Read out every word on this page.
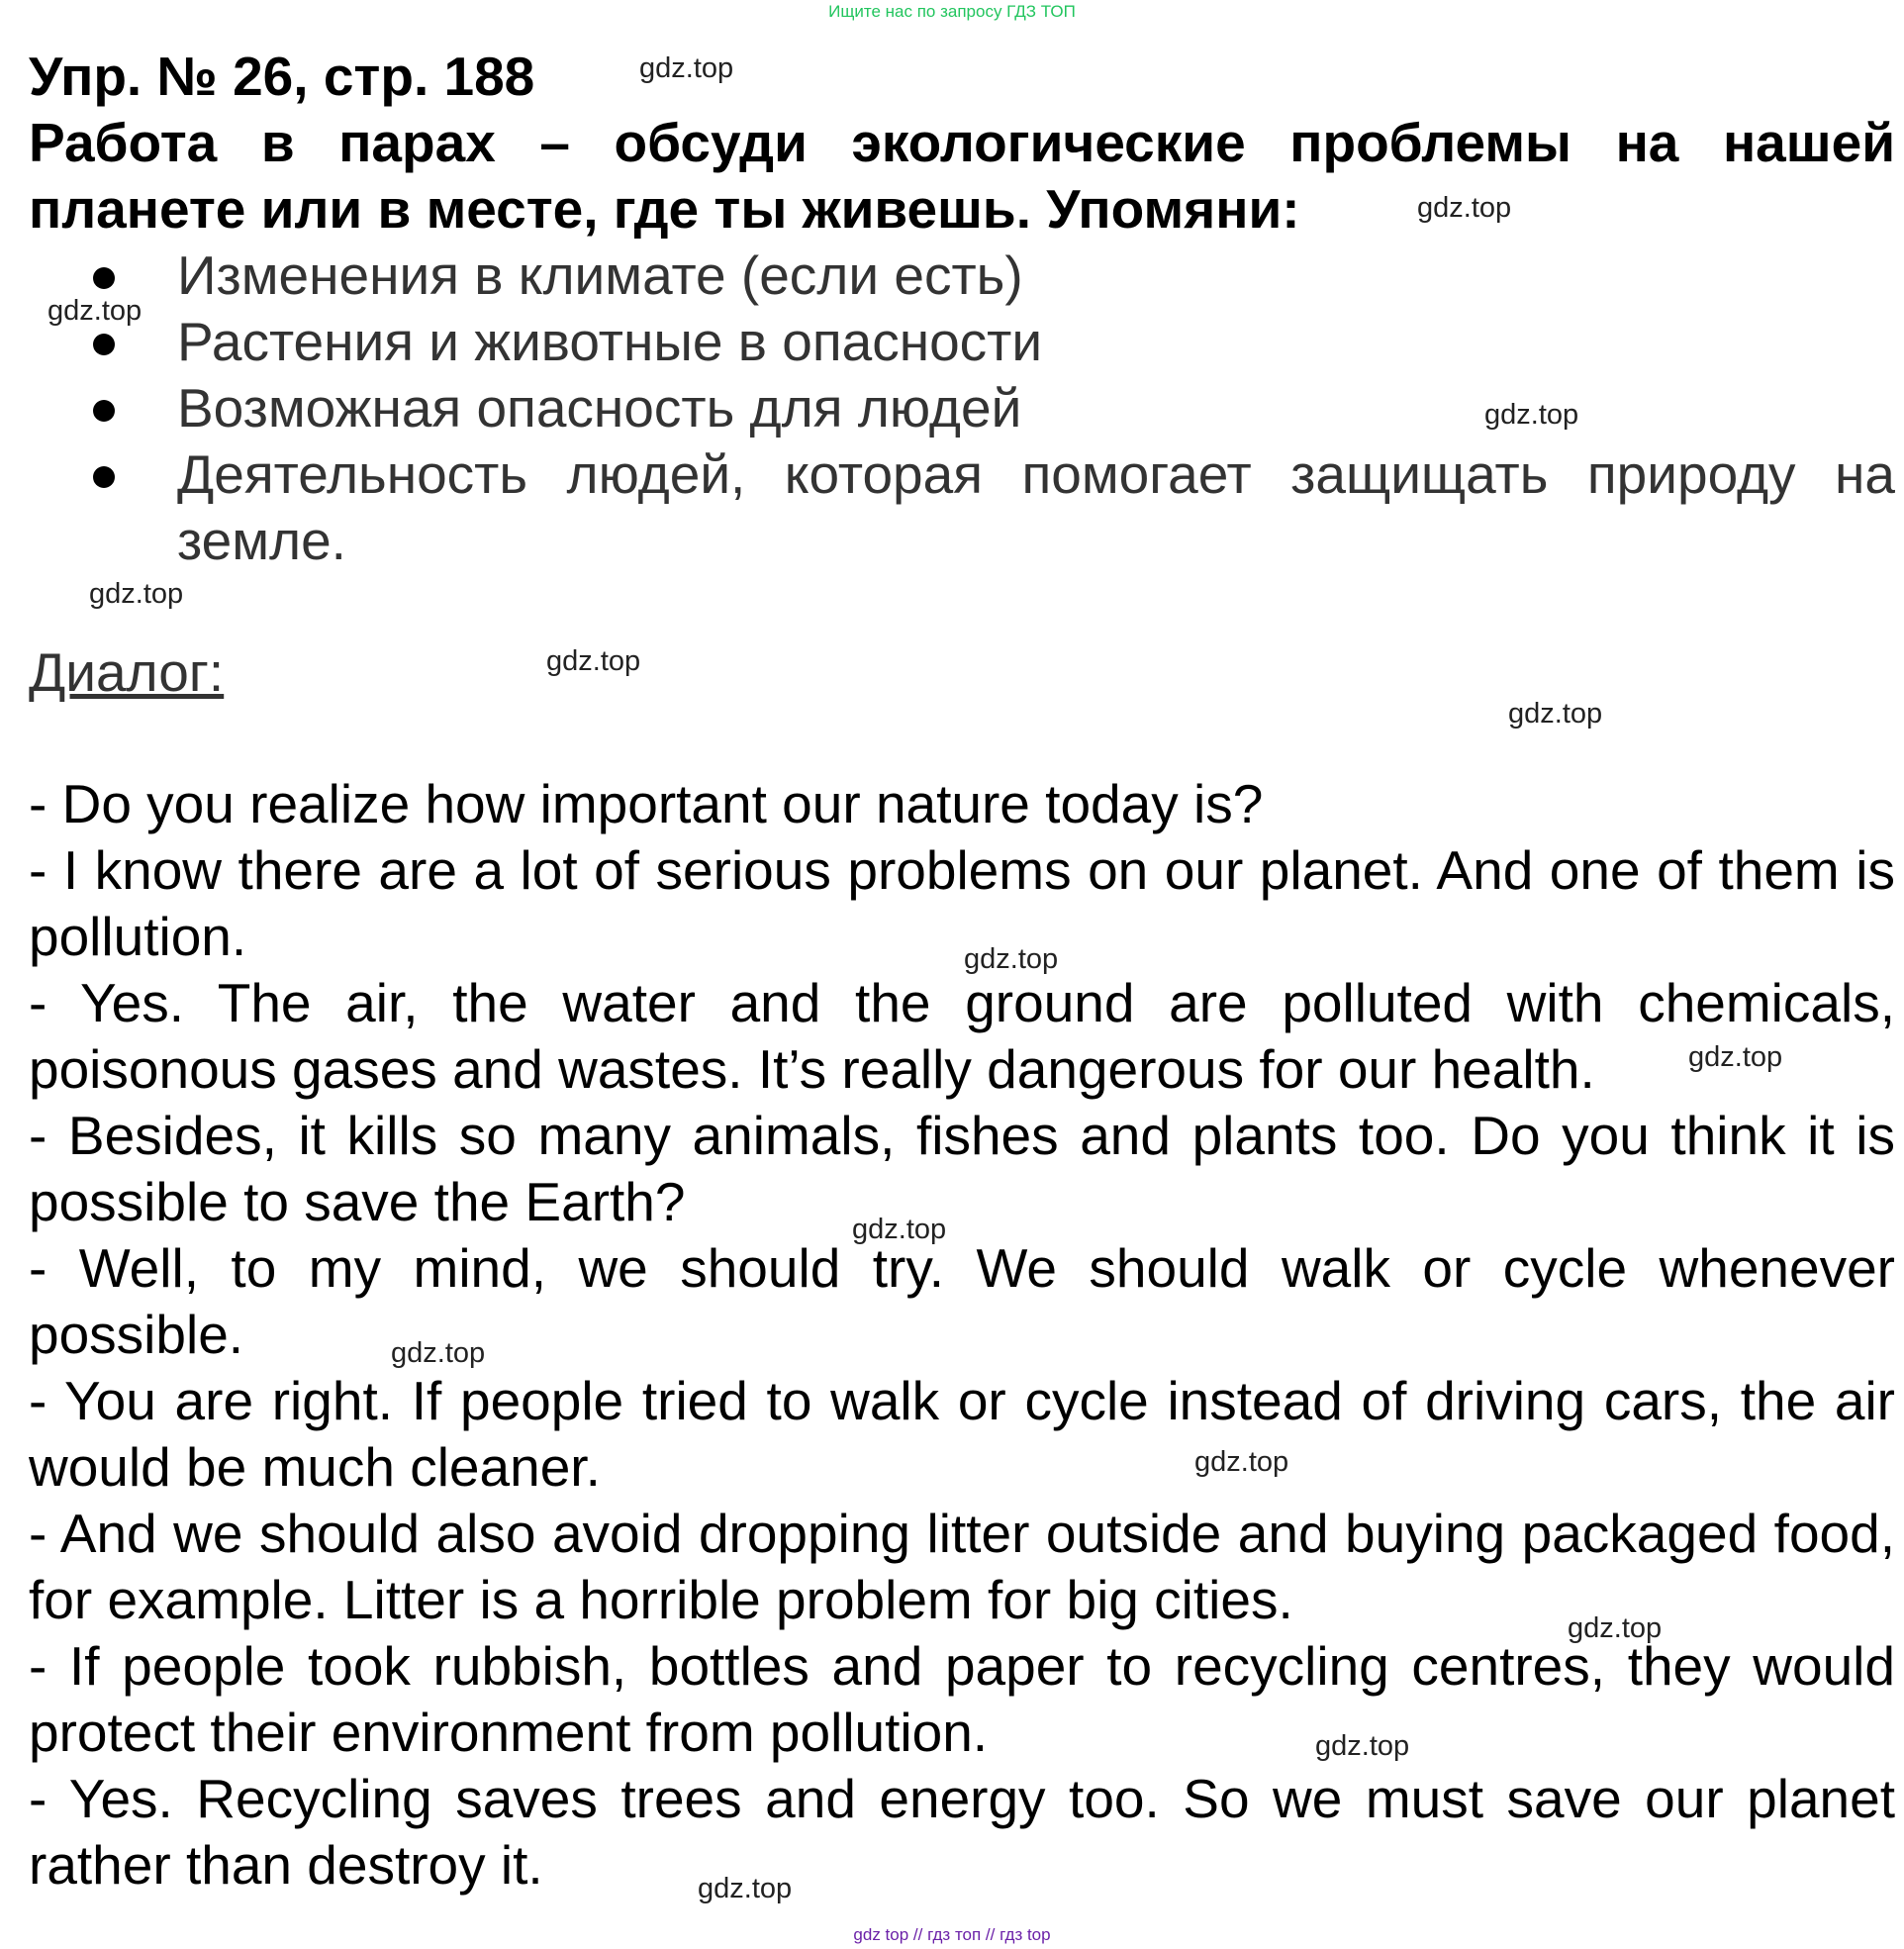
Ищите нас по запросу ГДЗ ТОП
Упр. № 26, стр. 188

Работа в парах – обсуди экологические проблемы на нашей планете или в месте, где ты живешь. Упомяни:

Изменения в климате (если есть)
Растения и животные в опасности
Возможная опасность для людей
Деятельность людей, которая помогает защищать природу на земле.
Диалог:

- Do you realize how important our nature today is?

- I know there are a lot of serious problems on our planet. And one of them is pollution.

- Yes. The air, the water and the ground are polluted with chemicals, poisonous gases and wastes. It’s really dangerous for our health.

- Besides, it kills so many animals, fishes and plants too. Do you think it is possible to save the Earth?

- Well, to my mind, we should try. We should walk or cycle whenever possible.

- You are right. If people tried to walk or cycle instead of driving cars, the air would be much cleaner.

- And we should also avoid dropping litter outside and buying packaged food, for example. Litter is a horrible problem for big cities.

- If people took rubbish, bottles and paper to recycling centres, they would protect their environment from pollution.

- Yes. Recycling saves trees and energy too. So we must save our planet rather than destroy it.

gdz.top
gdz.top
gdz.top
gdz.top
gdz.top
gdz.top
gdz.top
gdz.top
gdz.top
gdz.top
gdz.top
gdz.top
gdz.top
gdz.top
gdz.top
gdz top // гдз топ // гдз top
